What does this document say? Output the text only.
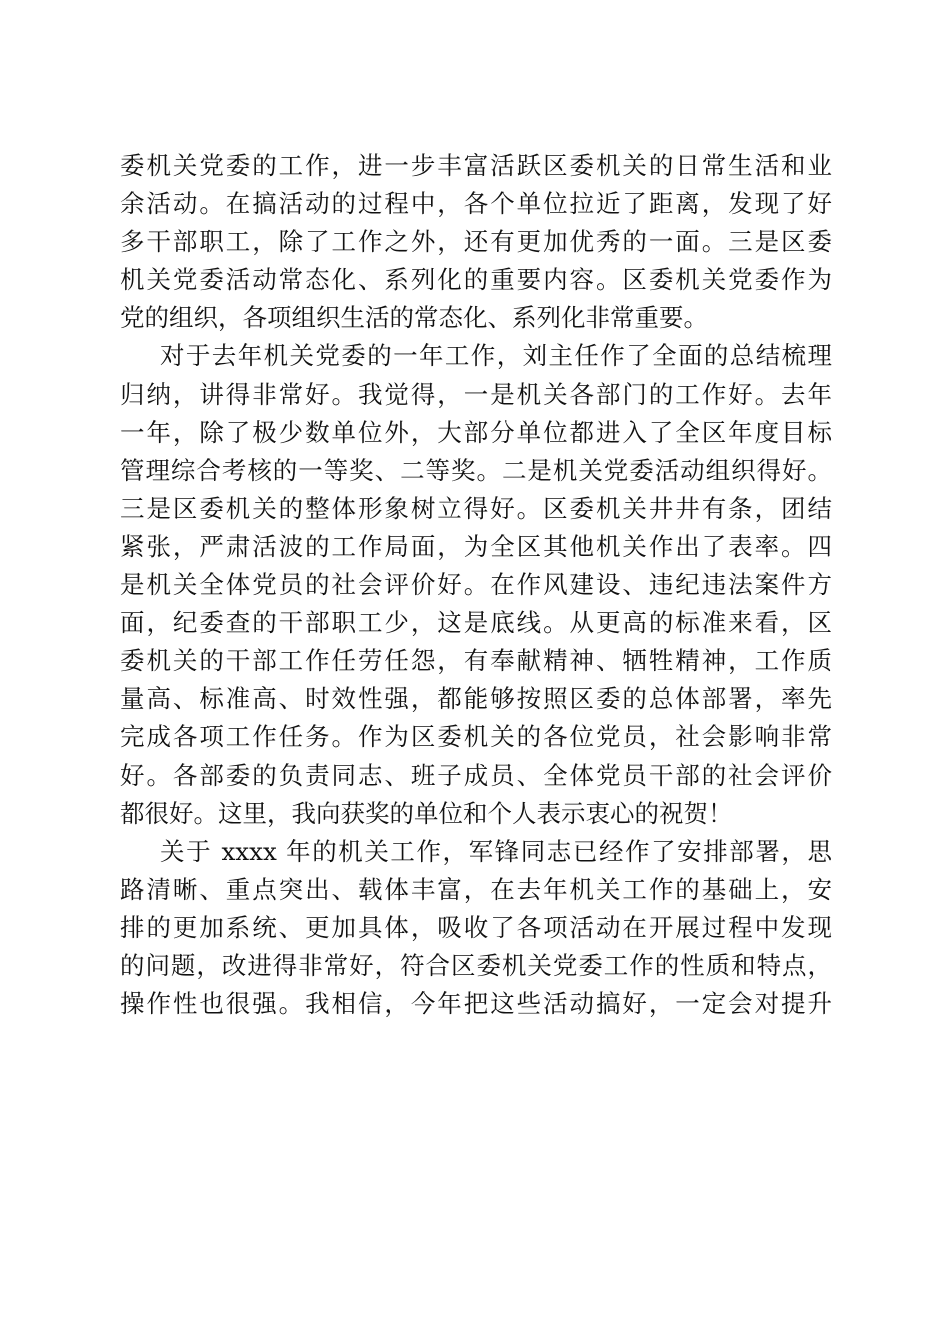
委机关党委的工作，进一步丰富活跃区委机关的日常生活和业
余活动。在搞活动的过程中，各个单位拉近了距离，发现了好
多干部职工，除了工作之外，还有更加优秀的一面。三是区委
机关党委活动常态化、系列化的重要内容。区委机关党委作为
党的组织，各项组织生活的常态化、系列化非常重要。
对于去年机关党委的一年工作，刘主任作了全面的总结梳理
归纳，讲得非常好。我觉得，一是机关各部门的工作好。去年
一年，除了极少数单位外，大部分单位都进入了全区年度目标
管理综合考核的一等奖、二等奖。二是机关党委活动组织得好。
三是区委机关的整体形象树立得好。区委机关井井有条，团结
紧张，严肃活波的工作局面，为全区其他机关作出了表率。四
是机关全体党员的社会评价好。在作风建设、违纪违法案件方
面，纪委查的干部职工少，这是底线。从更高的标准来看，区
委机关的干部工作任劳任怨，有奉献精神、牺牲精神，工作质
量高、标准高、时效性强，都能够按照区委的总体部署，率先
完成各项工作任务。作为区委机关的各位党员，社会影响非常
好。各部委的负责同志、班子成员、全体党员干部的社会评价
都很好。这里，我向获奖的单位和个人表示衷心的祝贺！
关于 xxxx 年的机关工作，军锋同志已经作了安排部署，思
路清晰、重点突出、载体丰富，在去年机关工作的基础上，安
排的更加系统、更加具体，吸收了各项活动在开展过程中发现
的问题，改进得非常好，符合区委机关党委工作的性质和特点，
操作性也很强。我相信，今年把这些活动搞好，一定会对提升
